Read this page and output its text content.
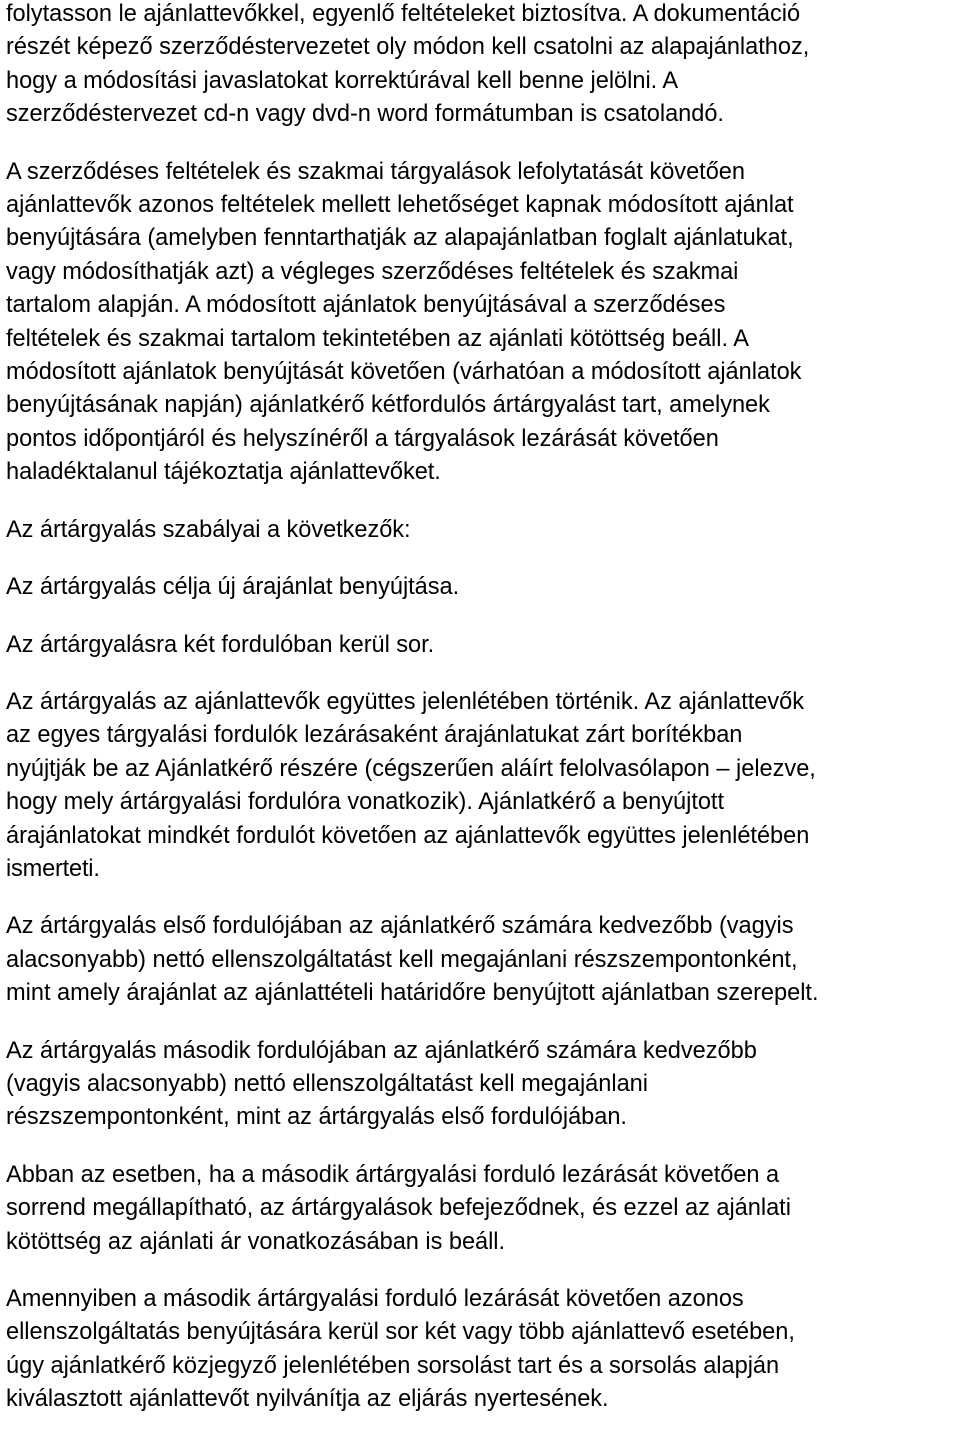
folytasson le ajánlattevőkkel, egyenlő feltételeket biztosítva. A dokumentáció
részét képező szerződéstervezetet oly módon kell csatolni az alapajánlathoz,
hogy a módosítási javaslatokat korrektúrával kell benne jelölni. A
szerződéstervezet cd-n vagy dvd-n word formátumban is csatolandó.
A szerződéses feltételek és szakmai tárgyalások lefolytatását követően
ajánlattevők azonos feltételek mellett lehetőséget kapnak módosított ajánlat
benyújtására (amelyben fenntarthatják az alapajánlatban foglalt ajánlatukat,
vagy módosíthatják azt) a végleges szerződéses feltételek és szakmai
tartalom alapján. A módosított ajánlatok benyújtásával a szerződéses
feltételek és szakmai tartalom tekintetében az ajánlati kötöttség beáll. A
módosított ajánlatok benyújtását követően (várhatóan a módosított ajánlatok
benyújtásának napján) ajánlatkérő kétfordulós ártárgyalást tart, amelynek
pontos időpontjáról és helyszínéről a tárgyalások lezárását követően
haladéktalanul tájékoztatja ajánlattevőket.
Az ártárgyalás szabályai a következők:
Az ártárgyalás célja új árajánlat benyújtása.
Az ártárgyalásra két fordulóban kerül sor.
Az ártárgyalás az ajánlattevők együttes jelenlétében történik. Az ajánlattevők
az egyes tárgyalási fordulók lezárásaként árajánlatukat zárt borítékban
nyújtják be az Ajánlatkérő részére (cégszerűen aláírt felolvasólapon – jelezve,
hogy mely ártárgyalási fordulóra vonatkozik). Ajánlatkérő a benyújtott
árajánlatokat mindkét fordulót követően az ajánlattevők együttes jelenlétében
ismerteti.
Az ártárgyalás első fordulójában az ajánlatkérő számára kedvezőbb (vagyis
alacsonyabb) nettó ellenszolgáltatást kell megajánlani részszempontonként,
mint amely árajánlat az ajánlattételi határidőre benyújtott ajánlatban szerepelt.
Az ártárgyalás második fordulójában az ajánlatkérő számára kedvezőbb
(vagyis alacsonyabb) nettó ellenszolgáltatást kell megajánlani
részszempontonként, mint az ártárgyalás első fordulójában.
Abban az esetben, ha a második ártárgyalási forduló lezárását követően a
sorrend megállapítható, az ártárgyalások befejeződnek, és ezzel az ajánlati
kötöttség az ajánlati ár vonatkozásában is beáll.
Amennyiben a második ártárgyalási forduló lezárását követően azonos
ellenszolgáltatás benyújtására kerül sor két vagy több ajánlattevő esetében,
úgy ajánlatkérő közjegyző jelenlétében sorsolást tart és a sorsolás alapján
kiválasztott ajánlattevőt nyilvánítja az eljárás nyertesének.
